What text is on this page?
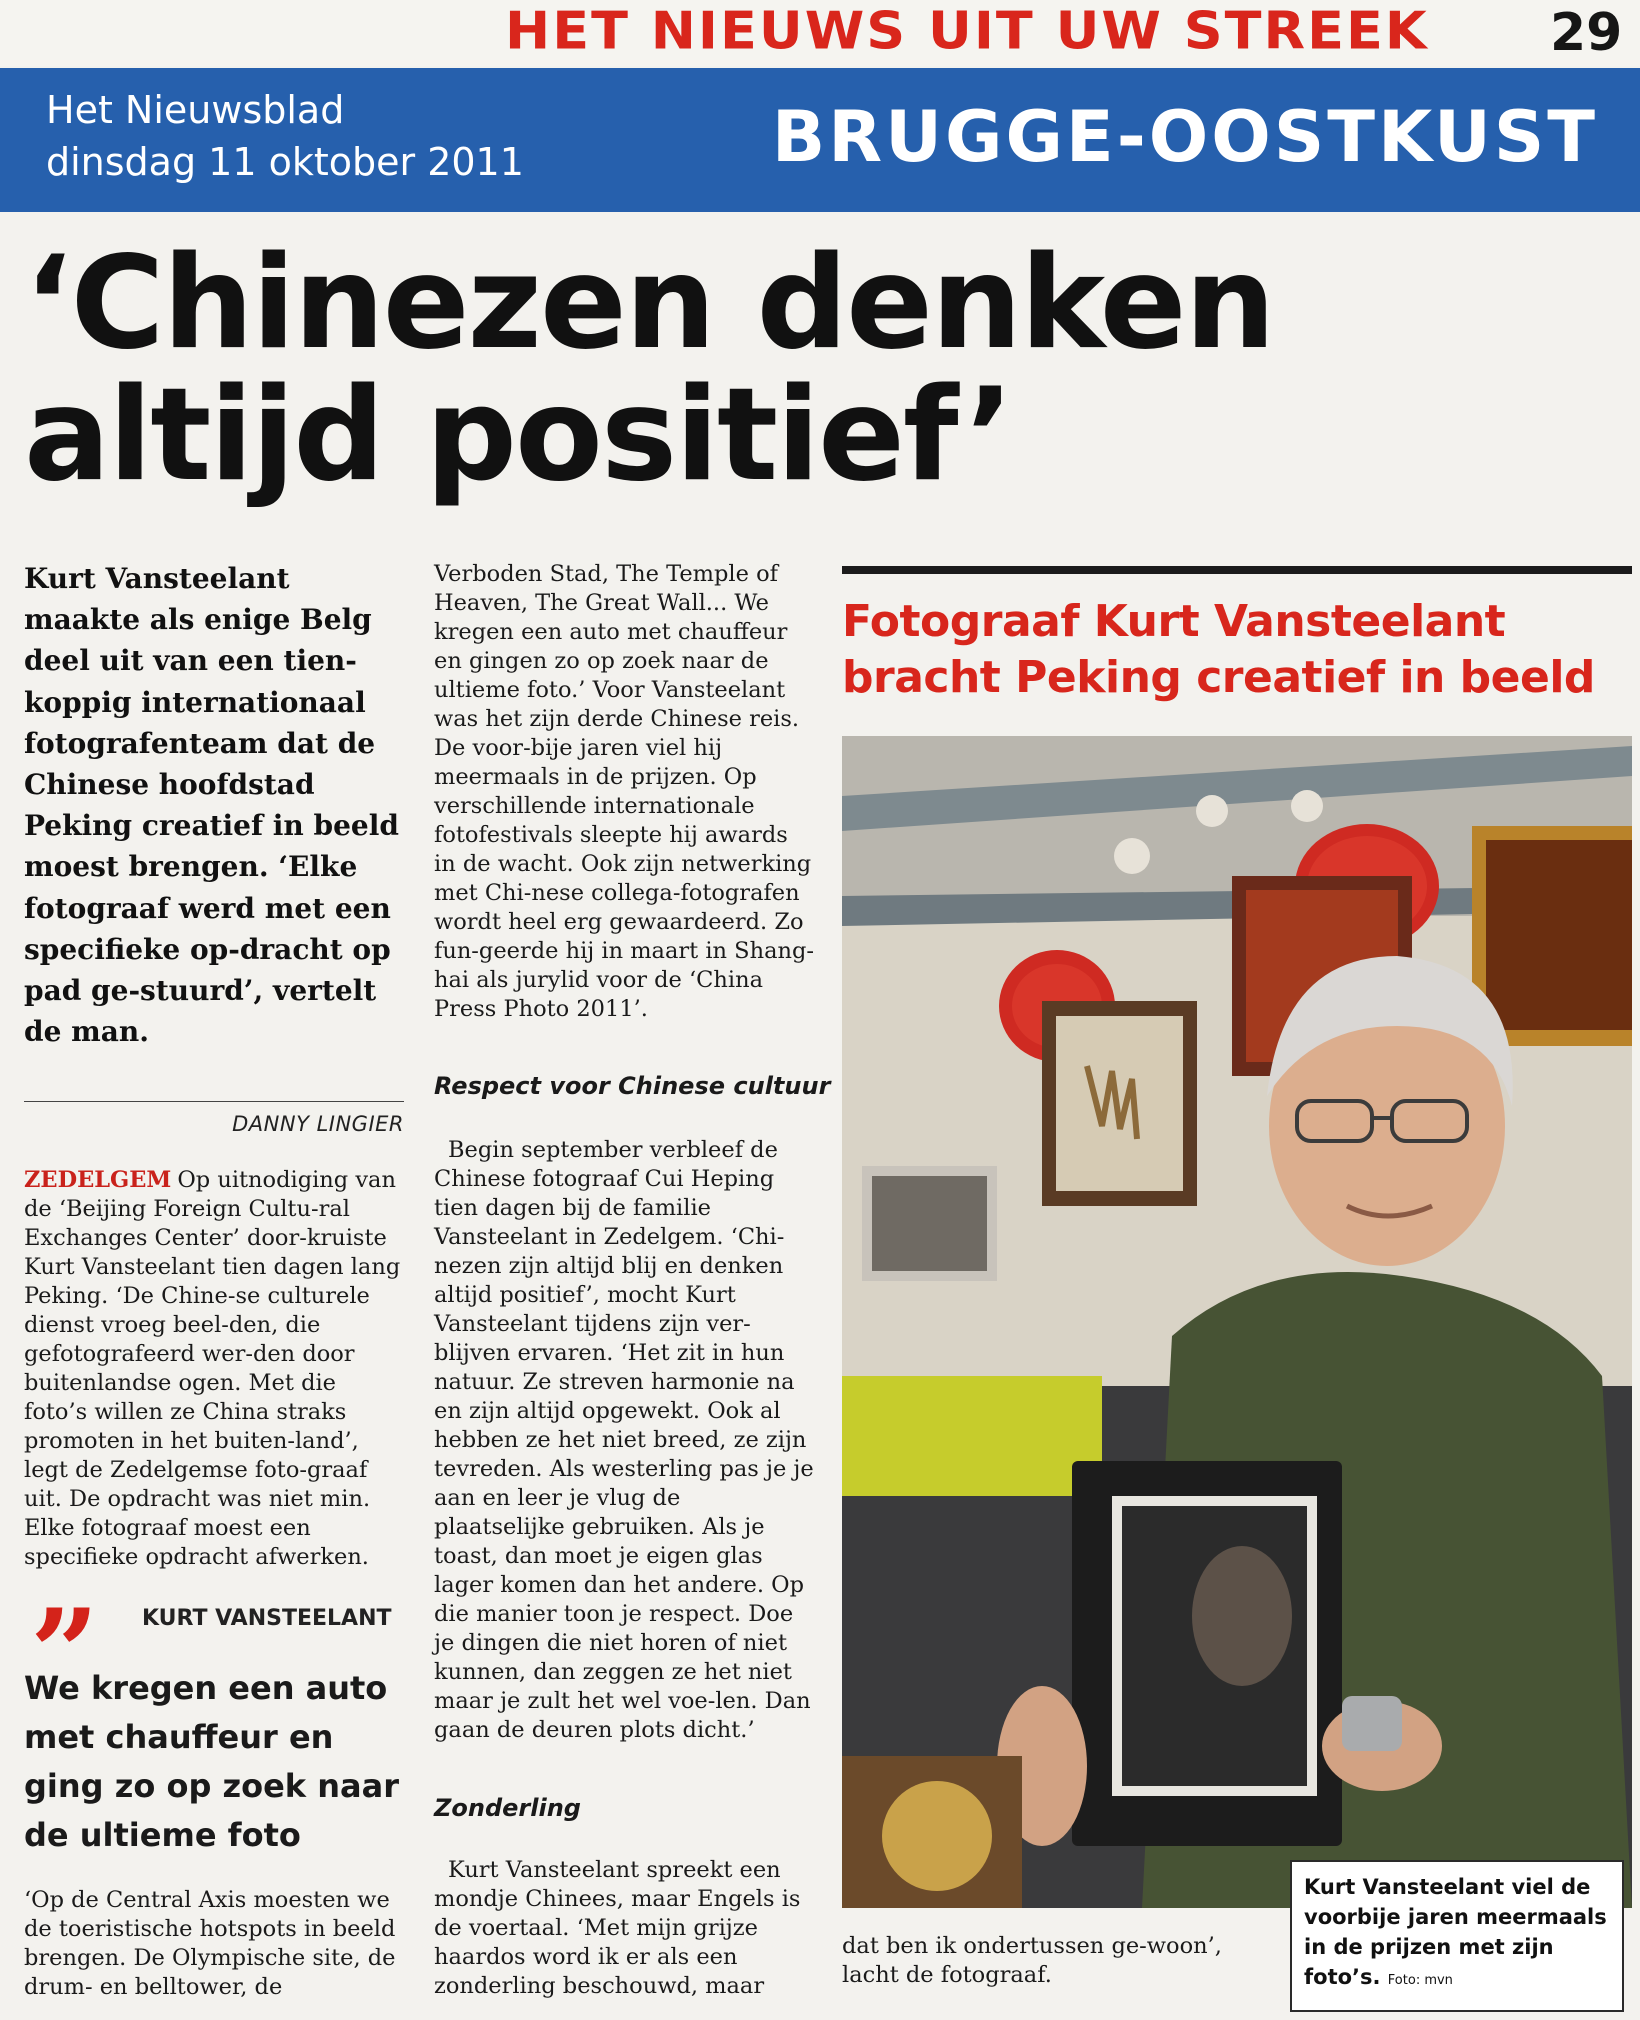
HET NIEUWS UIT UW STREEK 29
Het Nieuwsblad
dinsdag 11 oktober 2011	BRUGGE-OOSTKUST
‘Chinezen denken
altijd positief’
Kurt Vansteelant maakte als enige Belg deel uit van een tien-koppig internationaal fotografenteam dat de Chinese hoofdstad Peking creatief in beeld moest brengen. ‘Elke fotograaf werd met een specifieke op-dracht op pad ge-stuurd’, vertelt de man.
DANNY LINGIER
ZEDELGEM Op uitnodiging van de ‘Beijing Foreign Cultu-ral Exchanges Center’ door-kruiste Kurt Vansteelant tien dagen lang Peking. ‘De Chine-se culturele dienst vroeg beel-den, die gefotografeerd wer-den door buitenlandse ogen. Met die foto’s willen ze China straks promoten in het buiten-land’, legt de Zedelgemse foto-graaf uit. De opdracht was niet min. Elke fotograaf moest een specifieke opdracht afwerken.
” KURT VANSTEELANT
We kregen een auto met chauffeur en ging zo op zoek naar de ultieme foto
‘Op de Central Axis moesten we de toeristische hotspots in beeld brengen. De Olympische site, de drum- en belltower, de
Verboden Stad, The Temple of Heaven, The Great Wall... We kregen een auto met chauffeur en gingen zo op zoek naar de ultieme foto.’ Voor Vansteelant was het zijn derde Chinese reis. De voor-bije jaren viel hij meermaals in de prijzen. Op verschillende internationale fotofestivals sleepte hij awards in de wacht. Ook zijn netwerking met Chi-nese collega-fotografen wordt heel erg gewaardeerd. Zo fun-geerde hij in maart in Shang-hai als jurylid voor de ‘China Press Photo 2011’.
Respect voor Chinese cultuur
Begin september verbleef de Chinese fotograaf Cui Heping tien dagen bij de familie Vansteelant in Zedelgem. ‘Chi-nezen zijn altijd blij en denken altijd positief’, mocht Kurt Vansteelant tijdens zijn ver-blijven ervaren. ‘Het zit in hun natuur. Ze streven harmonie na en zijn altijd opgewekt. Ook al hebben ze het niet breed, ze zijn tevreden. Als westerling pas je je aan en leer je vlug de plaatselijke gebruiken. Als je toast, dan moet je eigen glas lager komen dan het andere. Op die manier toon je respect. Doe je dingen die niet horen of niet kunnen, dan zeggen ze het niet maar je zult het wel voe-len. Dan gaan de deuren plots dicht.’
Zonderling
Kurt Vansteelant spreekt een mondje Chinees, maar Engels is de voertaal. ‘Met mijn grijze haardos word ik er als een zonderling beschouwd, maar
Fotograaf Kurt Vansteelant
bracht Peking creatief in beeld
Kurt Vansteelant viel de voorbije jaren meermaals in de prijzen met zijn foto’s. Foto: mvn
dat ben ik ondertussen ge-woon’, lacht de fotograaf.
